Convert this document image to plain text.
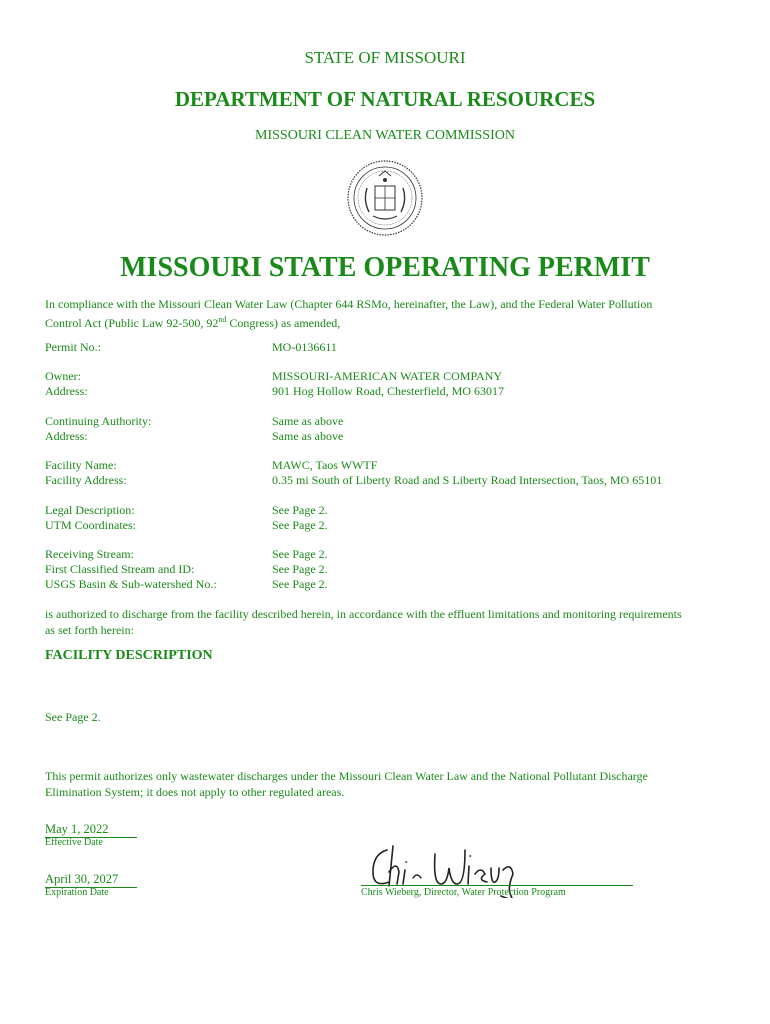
STATE OF MISSOURI
DEPARTMENT OF NATURAL RESOURCES
MISSOURI CLEAN WATER COMMISSION
MISSOURI STATE OPERATING PERMIT
In compliance with the Missouri Clean Water Law (Chapter 644 RSMo, hereinafter, the Law), and the Federal Water Pollution
Control Act (Public Law 92-500, 92nd Congress) as amended,
Permit No.:	MO-0136611
Owner:	MISSOURI-AMERICAN WATER COMPANY
Address:	901 Hog Hollow Road, Chesterfield, MO 63017
Continuing Authority:	Same as above
Address:	Same as above
Facility Name:	MAWC, Taos WWTF
Facility Address:	0.35 mi South of Liberty Road and S Liberty Road Intersection, Taos, MO 65101
Legal Description:	See Page 2.
UTM Coordinates:	See Page 2.
Receiving Stream:	See Page 2.
First Classified Stream and ID:	See Page 2.
USGS Basin & Sub-watershed No.:	See Page 2.
is authorized to discharge from the facility described herein, in accordance with the effluent limitations and monitoring requirements
as set forth herein:
FACILITY DESCRIPTION
See Page 2.
This permit authorizes only wastewater discharges under the Missouri Clean Water Law and the National Pollutant Discharge
Elimination System; it does not apply to other regulated areas.
May 1, 2022
Effective Date
April 30, 2027
Expiration Date	Chris Wieberg, Director, Water Protection Program
